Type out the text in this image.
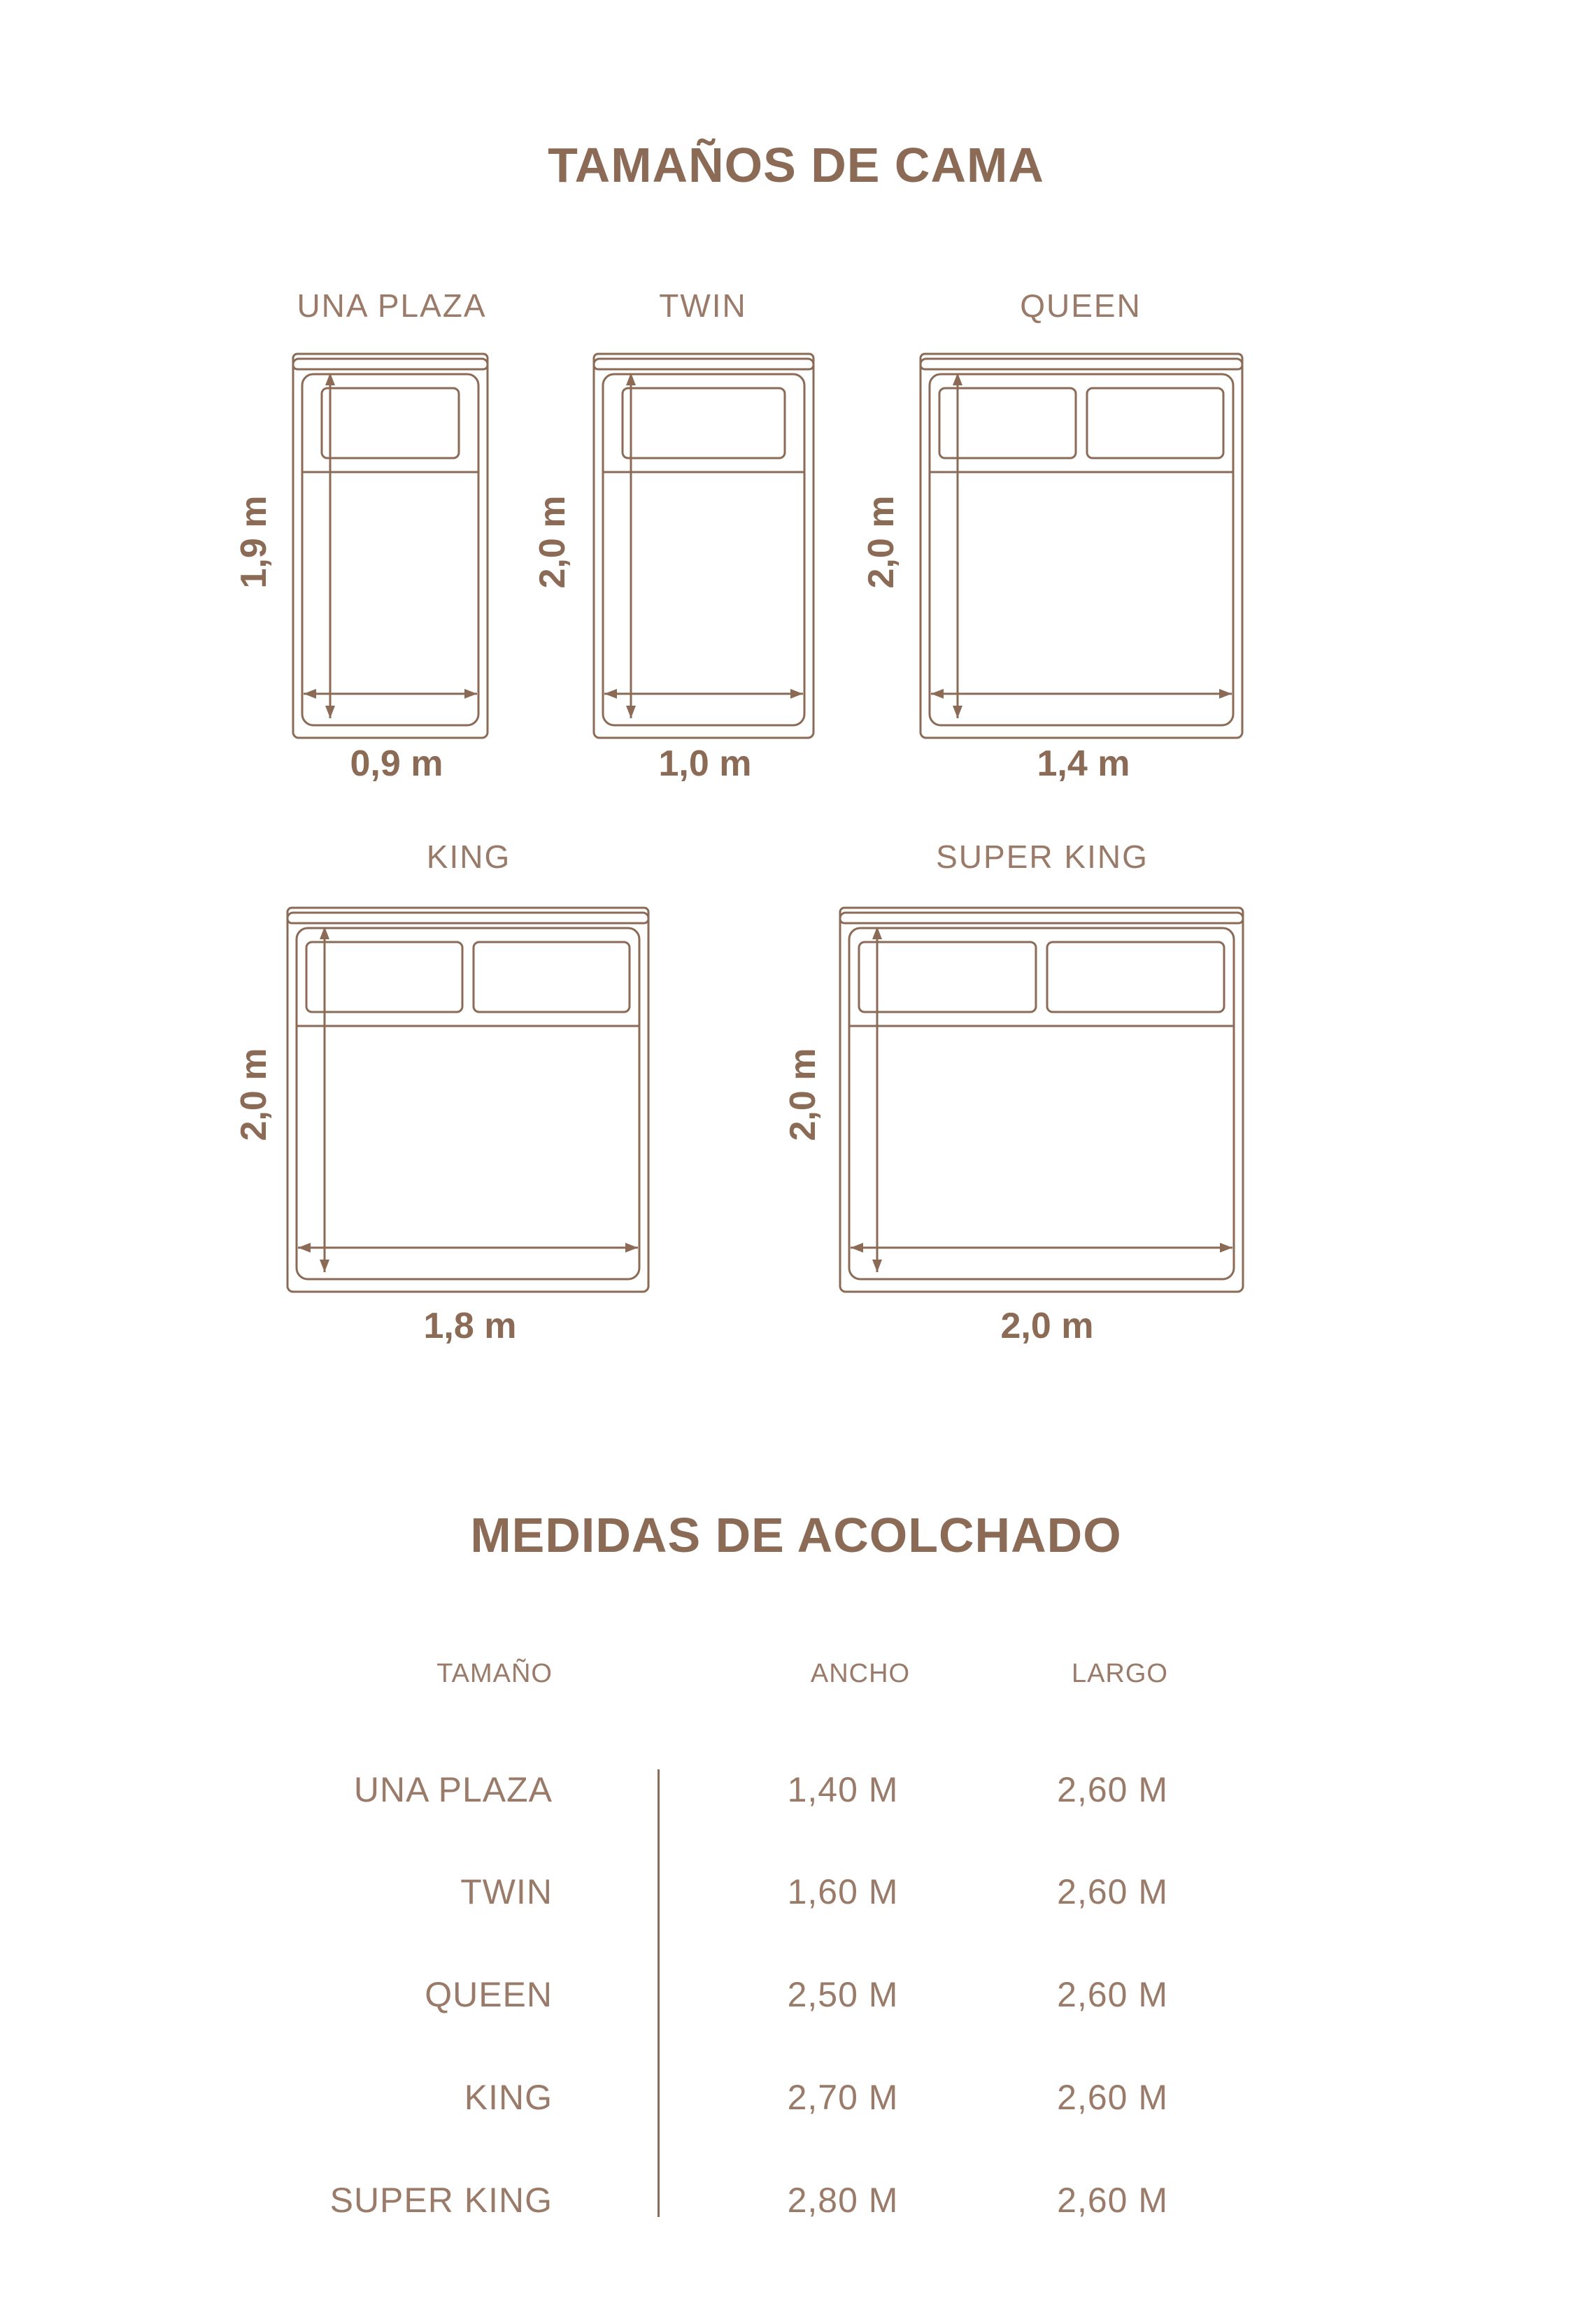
TAMAÑOS DE CAMA
UNA PLAZA	TWIN	QUEEN
KING	SUPER KING
0,9 m	1,0 m	1,4 m
1,8 m	2,0 m
1,9 m	2,0 m	2,0 m
2,0 m	2,0 m
MEDIDAS DE ACOLCHADO
TAMAÑO	ANCHO	LARGO
UNA PLAZA	1,40 M	2,60 M
TWIN	1,60 M	2,60 M
QUEEN	2,50 M	2,60 M
KING	2,70 M	2,60 M
SUPER KING	2,80 M	2,60 M
